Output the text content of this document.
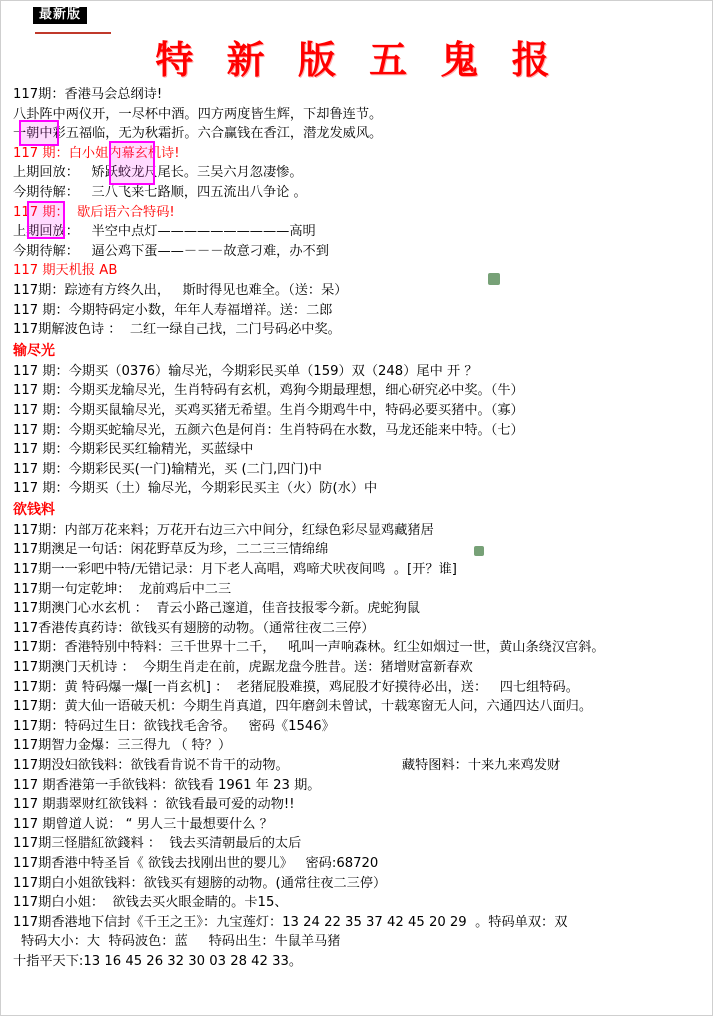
最新版
特 新 版 五 鬼 报
117期：香港马会总纲诗!
八卦阵中两仪开，一尽杯中酒。四方两度皆生辉，下却鲁连节。
一朝中彩五福临，无为秋霜折。六合赢钱在香江，潜龙发威风。
117 期：白小姐内幕玄机诗!
上期回放：   矫跃蛟龙尺尾长。三吴六月忽凄惨。
今期待解：   三八飞来七路顺，四五流出八争论 。
117 期：  歇后语六合特码!
上期回放：   半空中点灯——————————高明
今期待解：   逼公鸡下蛋——－－－故意刁难，办不到
117 期天机报 AB
117期：踪迹有方终久出，   斯时得见也难全。（送：呆）
117 期：今期特码定小数，年年人寿福增祥。送：二郎
117期解波色诗 ：  二红一绿自己找，二门号码必中奖。
输尽光
117 期：今期买（0376）输尽光，今期彩民买单（159）双（248）尾中 开 ？
117 期：今期买龙输尽光，生肖特码有玄机，鸡狗今期最理想，细心研究必中奖。（牛）
117 期：今期买鼠输尽光，买鸡买猪无希望。生肖今期鸡牛中，特码必要买猪中。（寡）
117 期：今期买蛇输尽光，五颜六色是何肖：生肖特码在水数，马龙还能来中特。（七）
117 期：今期彩民买红输精光，买蓝绿中
117 期：今期彩民买(一门)输精光，买 (二门,四门)中
117 期：今期买（土）输尽光，今期彩民买主（火）防(水）中
欲钱料
117期：内部万花来料；万花开右边三六中间分，红绿色彩尽显鸡藏猪居
117期澳足一句话：闲花野草反为珍，二二三三情绵绵
117期一一彩吧中特/无错记录：月下老人高唱，鸡啼犬吠夜间鸣  。[开？谁]
117期一句定乾坤：  龙前鸡后中二三
117期澳门心水玄机 ：  青云小路己邃道，佳音技报零今新。虎蛇狗鼠
117香港传真药诗：欲钱买有翅膀的动物。（通常往夜二三停）
117期：香港特别中特料：三千世界十二千，   吼叫一声响森林。红尘如烟过一世，黄山条绕汉宫斜。
117期澳门天机诗 ：  今期生肖走在前，虎踞龙盘今胜昔。送：猪增财富新春欢
117期：黄 特码爆一爆[一肖玄机] ：  老猪屁股难摸，鸡屁股才好摸待必出，送：   四七组特码。
117期：黄大仙一语破天机：今期生肖真道，四年磨剑未曾试，十载寒窗无人问，六通四达八面归。
117期：特码过生日：欲钱找毛舍爷。   密码《1546》
117期智力金爆：三三得九 （ 特？）
117期没妇欲钱料：欲钱看肯说不肯干的动物。                           藏特图料：十来九来鸡发财
117 期香港第一手欲钱料：欲钱看 1961 年 23 期。
117 期翡翠财红欲钱料 ：欲钱看最可爱的动物!!
117 期曾道人说： “ 男人三十最想要什么 ？
117期三怪腊紅欲錢料 ：  钱去买清朝最后的太后
117期香港中特圣旨《 欲钱去找刚出世的婴儿》   密码:68720
117期白小姐欲钱料：欲钱买有翅膀的动物。(通常往夜二三停）
117期白小姐：  欲钱去买火眼金睛的。卡15、
117期香港地下信封《千王之王》：九宝莲灯：13 24 22 35 37 42 45 20 29  。特码单双：双
特码大小：大  特码波色：蓝     特码出生：牛鼠羊马猪
十指平天下:13 16 45 26 32 30 03 28 42 33。
